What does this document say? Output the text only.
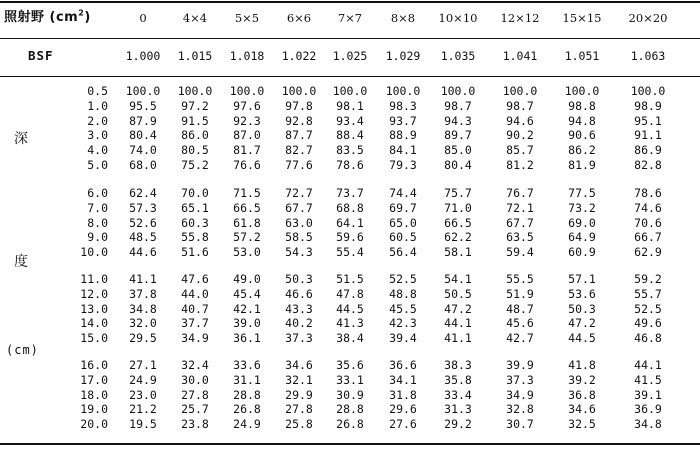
照射野 $(cm^2)$	0	4×4 5×5 6×6 7×7 8×8 10×10 12×12 15×15 20×20
BSF	1.000 1.015 1.018 1.022 1.025 1.029 1.035 1.041 1.051	1.063
深
度
(cm)
0.5 100.0 100.0 100.0 100.0 100.0 100.0 100.0 100.0 100.0	100.0
1.0 95.5 97.2 97.6 97.8 98.1 98.3 98.7	98.7	98.8	98.9
2.0 87.9 91.5 92.3 92.8 93.4 93.7 94.3	94.6	94.8	95.1
3.0 80.4 86.0 87.0 87.7 88.4 88.9 89.7	90.2	90.6	91.1
4.0 74.0 80.5 81.7 82.7 83.5 84.1 85.0	85.7	86.2	86.9
5.0 68.0 75.2 76.6 77.6 78.6 79.3 80.4	81.2	81.9	82.8
6.0 62.4 70.0 71.5 72.7 73.7 74.4 75.7	76.7	77.5	78.6
7.0 57.3 65.1 66.5 67.7 68.8 69.7 71.0	72.1	73.2	74.6
8.0 52.6 60.3 61.8 63.0 64.1 65.0 66.5	67.7	69.0	70.6
9.0 48.5 55.8 57.2 58.5 59.6 60.5 62.2	63.5	64.9	66.7
10.0 44.6 51.6 53.0 54.3 55.4 56.4 58.1	59.4	60.9	62.9
11.0 41.1 47.6 49.0 50.3 51.5 52.5 54.1	55.5	57.1	59.2
12.0 37.8 44.0 45.4 46.6 47.8 48.8 50.5	51.9	53.6	55.7
13.0 34.8 40.7 42.1 43.3 44.5 45.5 47.2	48.7	50.3	52.5
14.0 32.0 37.7 39.0 40.2 41.3 42.3 44.1	45.6	47.2	49.6
15.0 29.5 34.9 36.1 37.3 38.4 39.4 41.1	42.7	44.5	46.8
16.0 27.1 32.4 33.6 34.6 35.6 36.6 38.3	39.9	41.8	44.1
17.0 24.9 30.0 31.1 32.1 33.1 34.1 35.8	37.3	39.2	41.5
18.0 23.0 27.8 28.8 29.9 30.9 31.8 33.4	34.9	36.8	39.1
19.0 21.2 25.7 26.8 27.8 28.8 29.6 31.3	32.8	34.6	36.9
20.0 19.5 23.8 24.9 25.8 26.8 27.6 29.2	30.7	32.5	34.8
